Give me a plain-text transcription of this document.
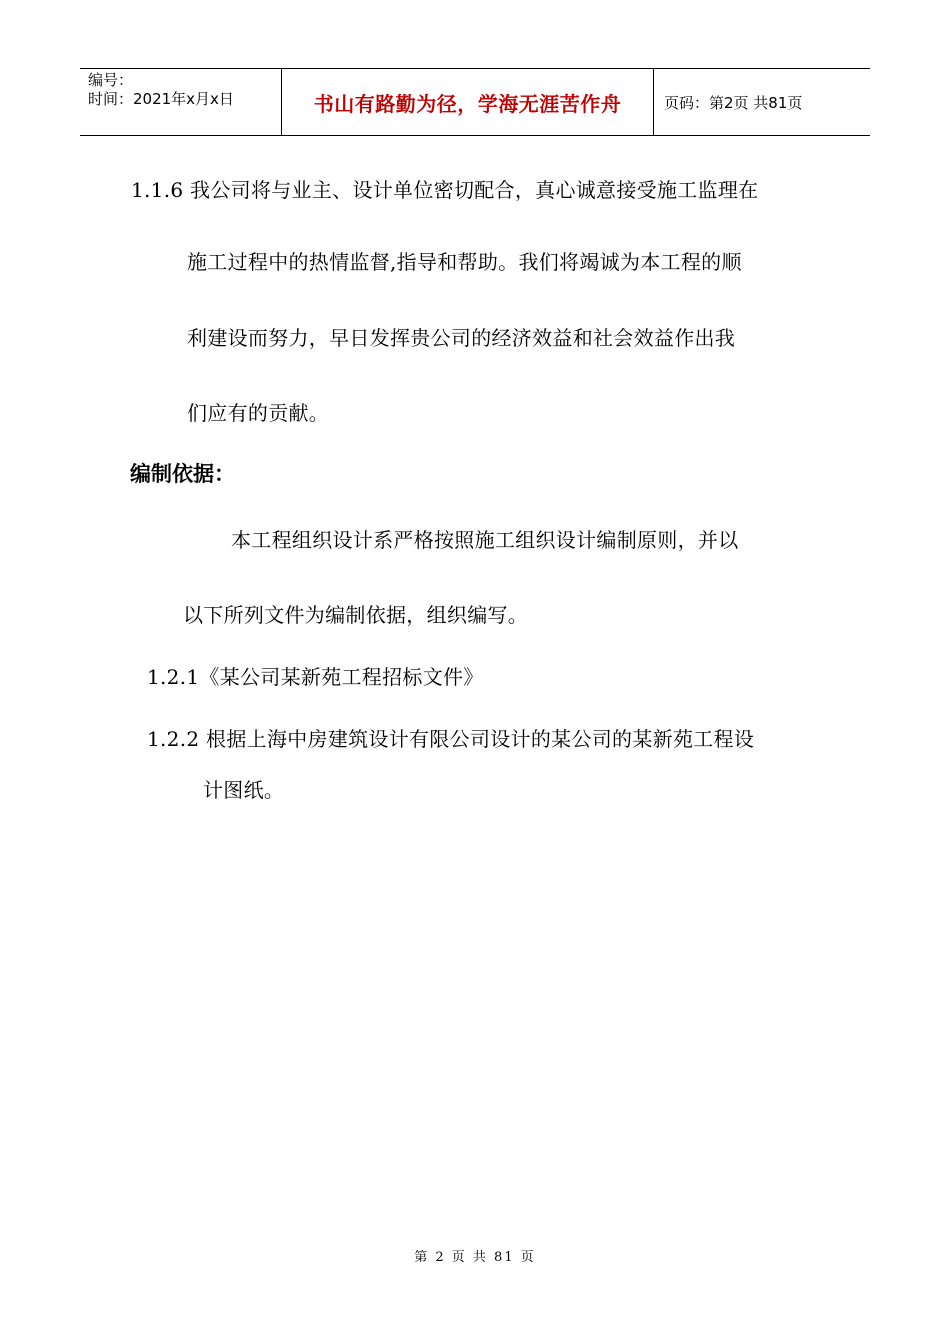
编号：
时间：2021年x月x日	书山有路勤为径，学海无涯苦作舟	页码：第2页 共81页
1.1.6 我公司将与业主、设计单位密切配合，真心诚意接受施工监理在
施工过程中的热情监督,指导和帮助。我们将竭诚为本工程的顺
利建设而努力，早日发挥贵公司的经济效益和社会效益作出我
们应有的贡献。
编制依据：
本工程组织设计系严格按照施工组织设计编制原则，并以
以下所列文件为编制依据，组织编写。
1.2.1《某公司某新苑工程招标文件》
1.2.2 根据上海中房建筑设计有限公司设计的某公司的某新苑工程设
计图纸。
第 2 页 共 81 页
